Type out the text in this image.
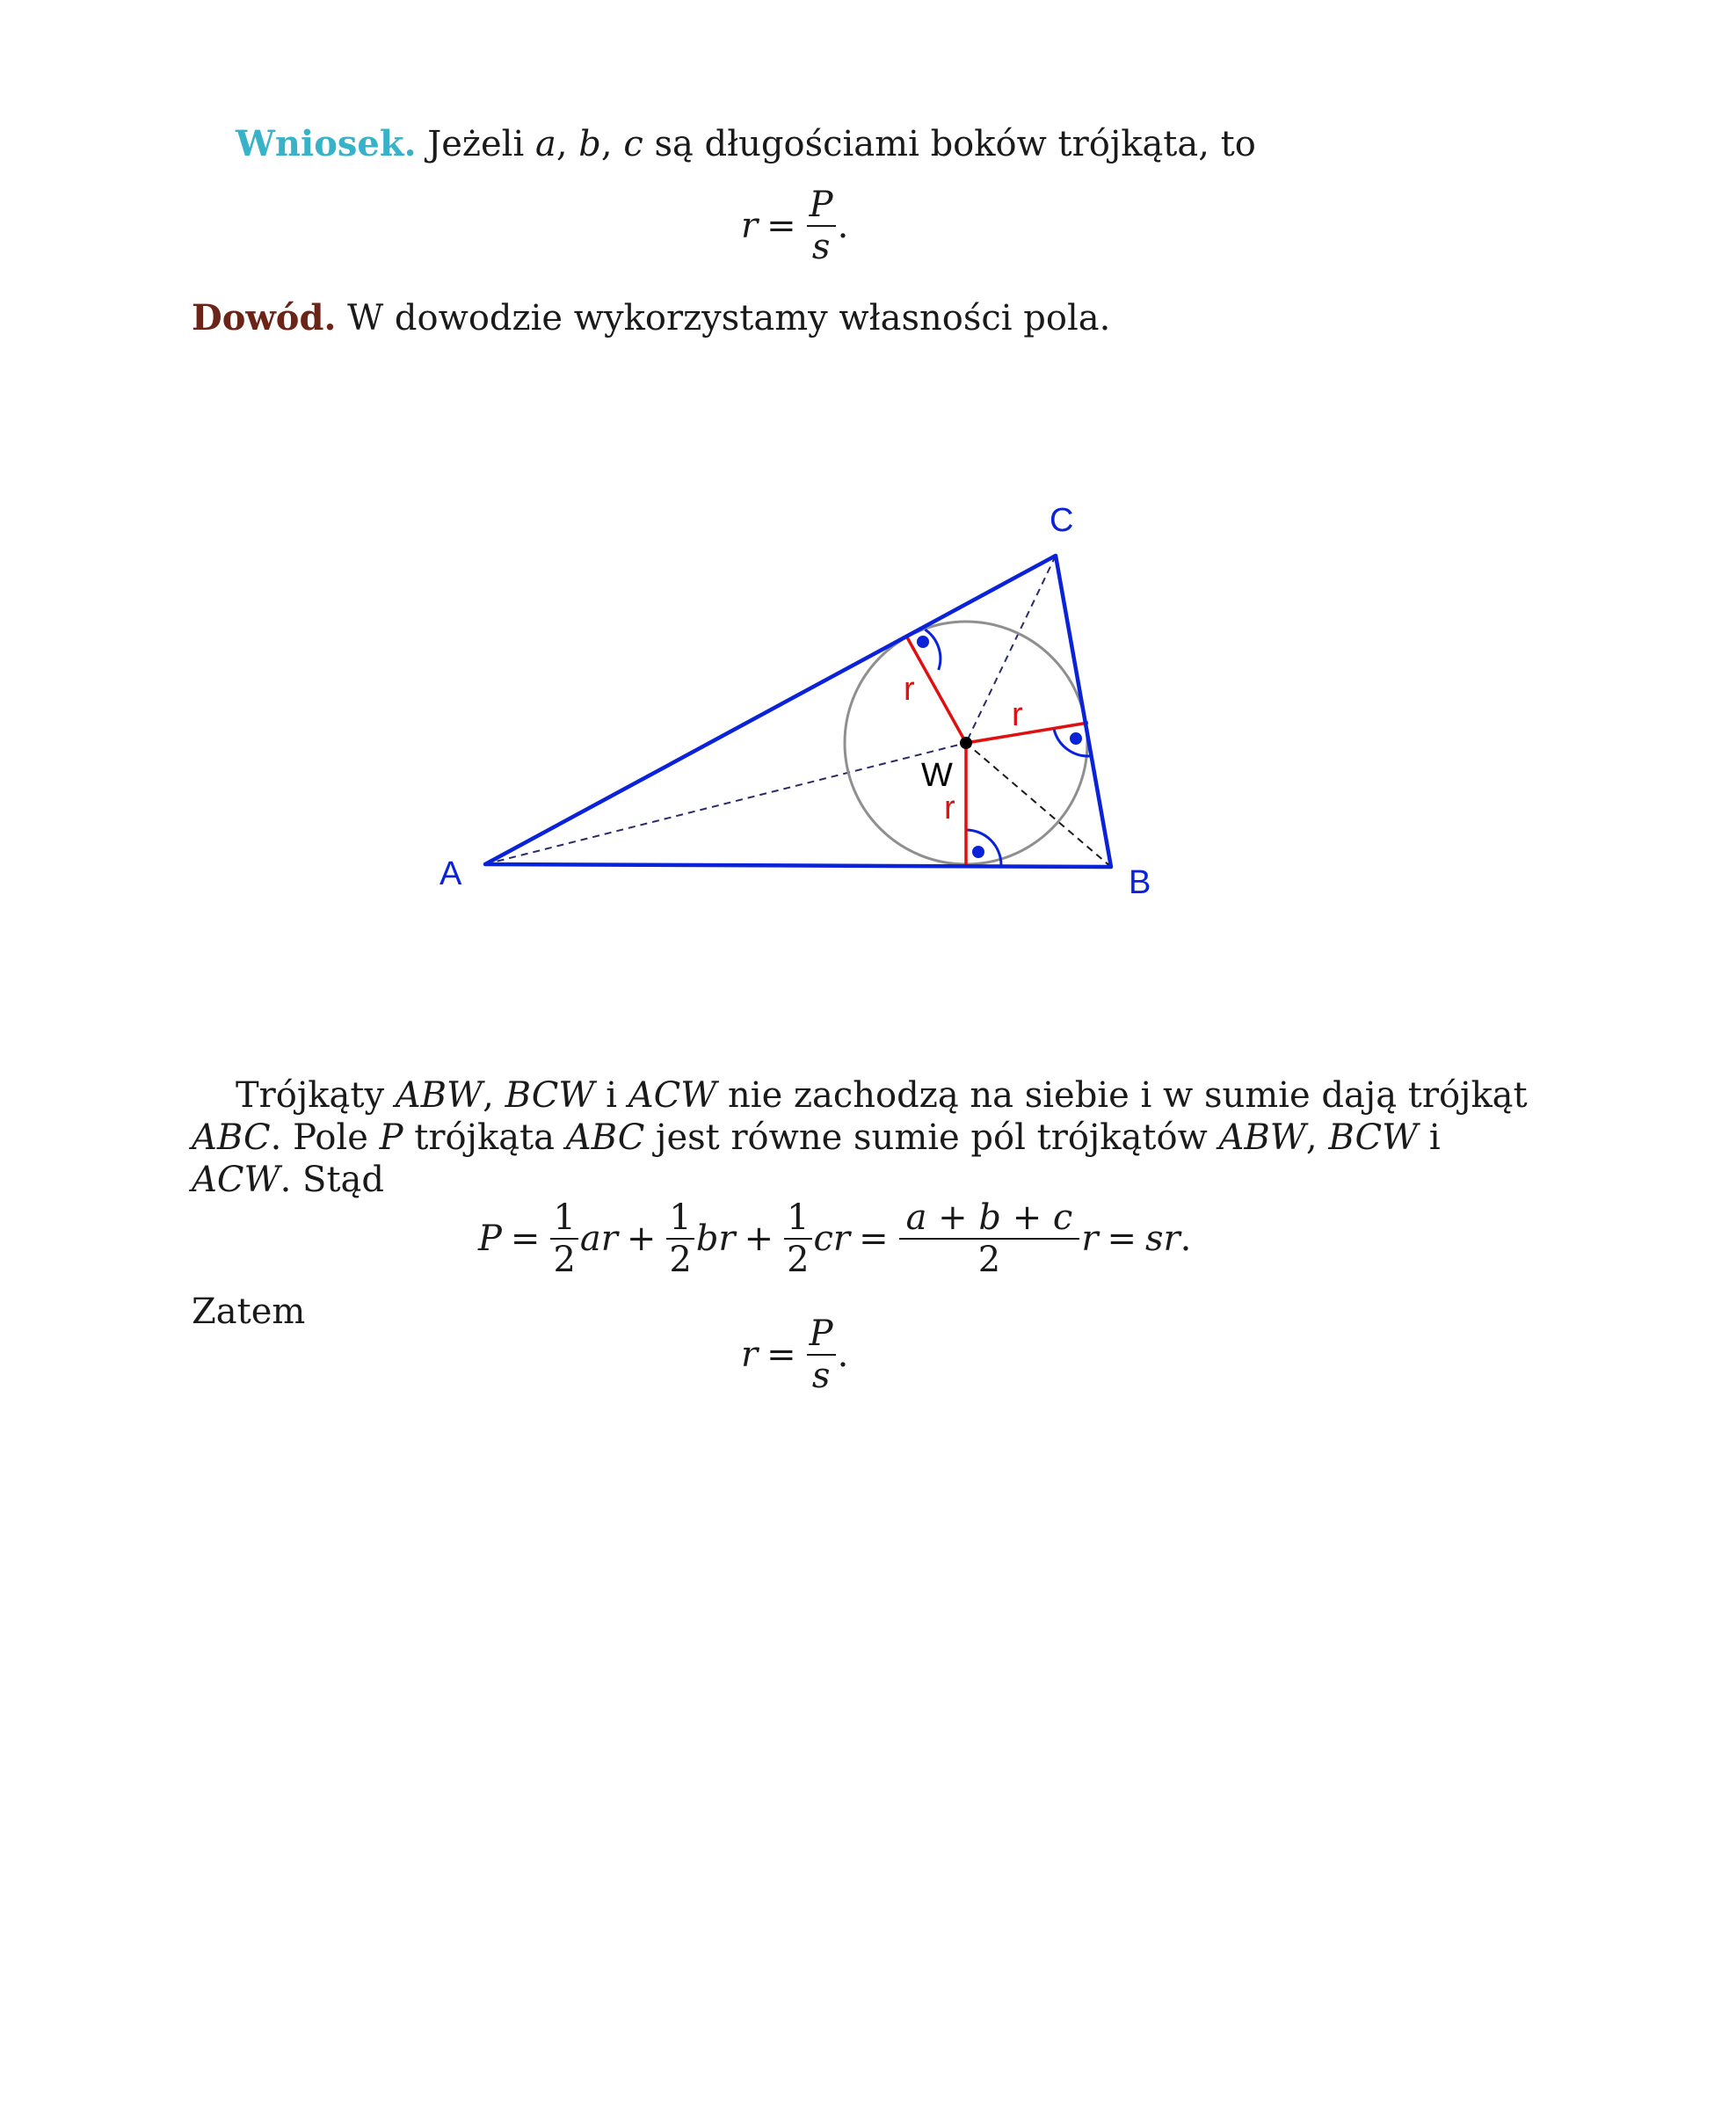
Wniosek. Jeżeli a, b, c są długościami boków trójkąta, to
$r = \frac{P}{s}$ .
Dowód. W dowodzie wykorzystamy własności pola.
A	B
C
W
r
r
r
Trójkąty ABW, BCW i ACW nie zachodzą na siebie i w sumie dają trójkąt
ABC. Pole P trójkąta ABC jest równe sumie pól trójkątów ABW, BCW i
ACW. Stąd
$P = \frac{1}{2}$ ar + $\frac{1}{2}$ br + $\frac{1}{2}$ cr = $\frac{a + b + c}{2}$ r = sr .
Zatem
$r = \frac{P}{s}$ .
